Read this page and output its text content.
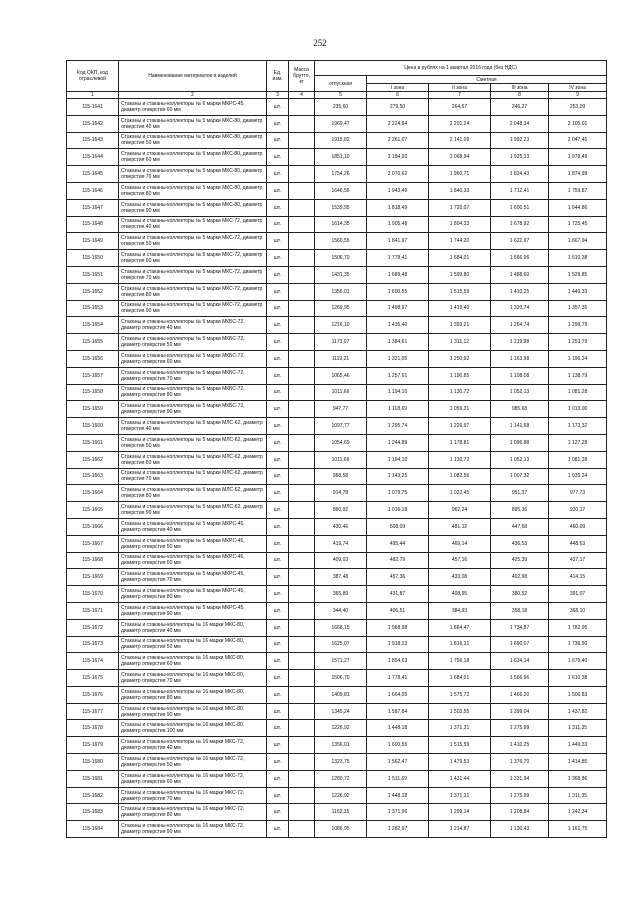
252
Код ОКП, код отраслевой	Наименование материалов и изделий	Ед. изм.	Масса брутто, кг	Цена в рублях на 1 квартал 2016 года (без НДС)				
				отпускная	Сметная			
					I зона	II зона	III зона	IV зона
1	2	3	4	5	6	7	8	9
115-1641	Стаканы и стаканы-коллекторы № 6 марки МКРС-45, диаметр отверстия 60 мм	шт.		235,60	279,50	264,67	246,27	253,09
115-1642	Стаканы и стаканы-коллекторы № 5 марки МКС-80, диаметр отверстия 40 мм	шт.		1969,47	2 224,64	2 201,24	2 048,34	2 105,01
115-1643	Стаканы и стаканы-коллекторы № 5 марки МКС-80, диаметр отверстия 50 мм	шт.		1915,82	2 261,07	2 141,09	1 992,23	2 047,45
115-1644	Стаканы и стаканы-коллекторы № 5 марки МКС-80, диаметр отверстия 60 мм	шт.		1851,10	2 184,92	2 068,94	1 925,13	1 978,49
115-1645	Стаканы и стаканы-коллекторы № 5 марки МКС-80, диаметр отверстия 70 мм	шт.		1754,26	2 070,62	1 960,71	1 824,43	1 874,99
115-1646	Стаканы и стаканы-коллекторы № 5 марки МКС-80, диаметр отверстия 80 мм	шт.		1646,56	1 943,49	1 840,33	1 712,41	1 759,87
115-1647	Стаканы и стаканы-коллекторы № 5 марки МКС-80, диаметр отверстия 90 мм	шт.		1539,95	1 818,49	1 720,07	1 600,51	1 644,86
115-1648	Стаканы и стаканы-коллекторы № 5 марки МКС-72, диаметр отверстия 40 мм	шт.		1614,35	1 905,48	1 804,33	1 678,92	1 725,45
115-1649	Стаканы и стаканы-коллекторы № 5 марки МКС-72, диаметр отверстия 50 мм	шт.		1560,55	1 841,97	1 744,20	1 622,97	1 667,94
115-1650	Стаканы и стаканы-коллекторы № 5 марки МКС-72, диаметр отверстия 60 мм	шт.		1506,70	1 778,41	1 684,01	1 566,96	1 610,38
115-1651	Стаканы и стаканы-коллекторы № 5 марки МКС-72, диаметр отверстия 70 мм	шт.		1431,35	1 689,48	1 599,80	1 488,60	1 529,85
115-1652	Стаканы и стаканы-коллекторы № 5 марки МКС-72, диаметр отверстия 80 мм	шт.		1356,01	1 600,55	1 515,59	1 410,25	1 449,33
115-1653	Стаканы и стаканы-коллекторы № 5 марки МКС-72, диаметр отверстия 90 мм	шт.		1269,95	1 498,97	1 419,40	1 320,74	1 357,35
115-1654	Стаканы и стаканы-коллекторы № 5 марки МКБС-72, диаметр отверстия 40 мм	шт.		1216,10	1 435,40	1 359,21	1 264,74	1 299,79
115-1655	Стаканы и стаканы-коллекторы № 5 марки МКБС-72, диаметр отверстия 50 мм	шт.		1173,07	1 384,61	1 311,12	1 219,98	1 253,79
115-1656	Стаканы и стаканы-коллекторы № 5 марки МКБС-72, диаметр отверстия 60 мм	шт.		1119,21	1 321,05	1 250,92	1 163,98	1 196,24
115-1657	Стаканы и стаканы-коллекторы № 5 марки МКБС-72, диаметр отверстия 70 мм	шт.		1065,46	1 257,61	1 190,85	1 108,08	1 138,79
115-1658	Стаканы и стаканы-коллекторы № 5 марки МКБС-72, диаметр отверстия 80 мм	шт.		1011,66	1 194,10	1 130,72	1 052,13	1 081,28
115-1659	Стаканы и стаканы-коллекторы № 5 марки МКБС-72, диаметр отверстия 90 мм	шт.		947,77	1 118,69	1 059,31	985,68	1 013,00
115-1660	Стаканы и стаканы-коллекторы № 5 марки МЛС-62, диаметр отверстия 40 мм	шт.		1097,77	1 295,74	1 226,97	1 141,68	1 173,32
115-1661	Стаканы и стаканы-коллекторы № 5 марки МЛС-62, диаметр отверстия 50 мм	шт.		1054,69	1 244,89	1 178,81	1 096,88	1 127,28
115-1662	Стаканы и стаканы-коллекторы № 5 марки МЛС-62, диаметр отверстия 60 мм	шт.		1011,66	1 194,10	1 130,72	1 052,13	1 081,28
115-1663	Стаканы и стаканы-коллекторы № 5 марки МЛС-62, диаметр отверстия 70 мм	шт.		968,58	1 143,25	1 082,56	1 007,32	1 035,24
115-1664	Стаканы и стаканы-коллекторы № 5 марки МЛС-62, диаметр отверстия 80 мм	шт.		914,78	1 079,75	1 022,45	951,37	977,73
115-1665	Стаканы и стаканы-коллекторы № 5 марки МЛС-62, диаметр отверстия 90 мм	шт.		860,92	1 016,18	962,24	895,36	920,17
115-1666	Стаканы и стаканы-коллекторы № 5 марки МКРС-45, диаметр отверстия 40 мм	шт.		430,46	508,09	481,12	447,68	460,09
115-1667	Стаканы и стаканы-коллекторы № 5 марки МКРС-45, диаметр отверстия 50 мм	шт.		419,74	495,44	469,14	436,53	448,63
115-1668	Стаканы и стаканы-коллекторы № 5 марки МКРС-45, диаметр отверстия 60 мм	шт.		409,03	482,79	457,16	425,39	437,17
115-1669	Стаканы и стаканы-коллекторы № 5 марки МКРС-45, диаметр отверстия 70 мм	шт.		387,48	457,36	433,08	402,98	414,15
115-1670	Стаканы и стаканы-коллекторы № 5 марки МКРС-45, диаметр отверстия 80 мм	шт.		365,89	431,87	408,95	380,52	391,07
115-1671	Стаканы и стаканы-коллекторы № 5 марки МКРС-45, диаметр отверстия 90 мм	шт.		344,40	406,51	384,93	358,18	368,10
115-1672	Стаканы и стаканы-коллекторы № 16 марки МКС-80, диаметр отверстия 40 мм	шт.		1668,15	1 968,98	1 864,47	1 734,87	1 782,95
115-1673	Стаканы и стаканы-коллекторы № 16 марки МКС-80, диаметр отверстия 50 мм	шт.		1625,07	1 918,13	1 816,31	1 690,07	1 736,90
115-1674	Стаканы и стаканы-коллекторы № 16 марки МКС-80, диаметр отверстия 60 мм	шт.		1571,27	1 854,63	1 756,18	1 634,14	1 679,40
115-1675	Стаканы и стаканы-коллекторы № 16 марки МКС-80, диаметр отверстия 70 мм	шт.		1506,70	1 778,41	1 684,01	1 566,96	1 610,38
115-1676	Стаканы и стаканы-коллекторы № 16 марки МКС-80, диаметр отверстия 80 мм	шт.		1409,81	1 664,05	1 575,72	1 466,20	1 506,83
115-1677	Стаканы и стаканы-коллекторы № 16 марки МКС-80, диаметр отверстия 90 мм	шт.		1345,24	1 587,84	1 503,55	1 399,04	1 437,82
115-1678	Стаканы и стаканы-коллекторы № 16 марки МКС-80, диаметр отверстия 100 мм	шт.		1226,92	1 448,18	1 371,31	1 275,99	1 311,35
115-1679	Стаканы и стаканы-коллекторы № 16 марки МКС-72, диаметр отверстия 40 мм	шт.		1356,01	1 600,55	1 515,59	1 410,25	1 449,33
115-1680	Стаканы и стаканы-коллекторы № 16 марки МКС-72, диаметр отверстия 50 мм	шт.		1323,75	1 562,47	1 479,53	1 376,70	1 414,85
115-1681	Стаканы и стаканы-коллекторы № 16 марки МКС-72, диаметр отверстия 60 мм	шт.		1280,72	1 511,69	1 431,44	1 331,94	1 368,86
115-1682	Стаканы и стаканы-коллекторы № 16 марки МКС-72, диаметр отверстия 70 мм	шт.		1226,92	1 448,18	1 371,31	1 275,99	1 311,35
115-1683	Стаканы и стаканы-коллекторы № 16 марки МКС-72, диаметр отверстия 80 мм	шт.		1162,35	1 371,96	1 299,14	1 208,84	1 242,34
115-1684	Стаканы и стаканы-коллекторы № 16 марки МКС-72, диаметр отверстия 90 мм	шт.		1086,95	1 282,97	1 214,87	1 130,43	1 161,75
